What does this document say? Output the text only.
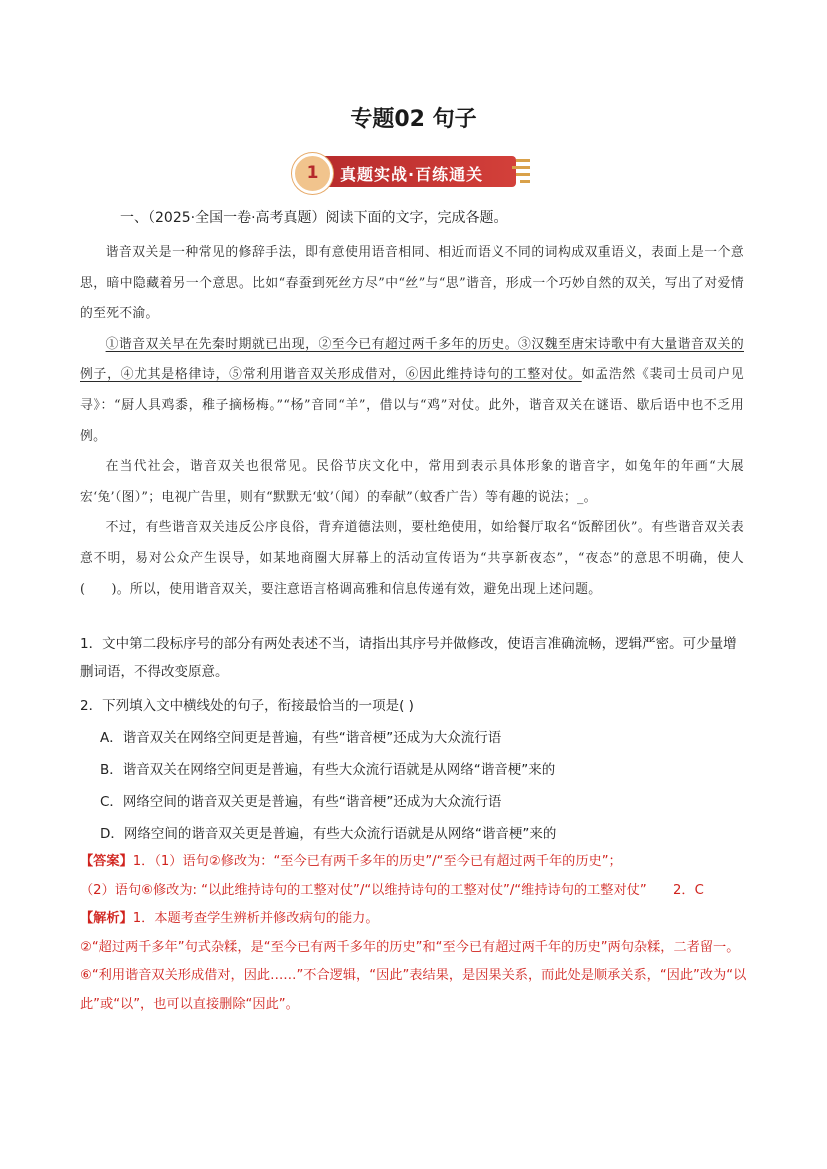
专题02 句子
1	真题实战·百练通关
一、（2025·全国一卷·高考真题）阅读下面的文字，完成各题。

谐音双关是一种常见的修辞手法，即有意使用语音相同、相近而语义不同的词构成双重语义，表面上是一个意思，暗中隐藏着另一个意思。比如“春蚕到死丝方尽”中“丝”与“思”谐音，形成一个巧妙自然的双关，写出了对爱情的至死不渝。

①谐音双关早在先秦时期就已出现，②至今已有超过两千多年的历史。③汉魏至唐宋诗歌中有大量谐音双关的例子，④尤其是格律诗，⑤常利用谐音双关形成借对，⑥因此维持诗句的工整对仗。如孟浩然《裴司士员司户见寻》：“厨人具鸡黍，稚子摘杨梅。”“杨”音同“羊”，借以与“鸡”对仗。此外，谐音双关在谜语、歇后语中也不乏用例。

在当代社会，谐音双关也很常见。民俗节庆文化中，常用到表示具体形象的谐音字，如兔年的年画“大展宏‘兔’（图）”；电视广告里，则有“默默无‘蚊’（闻）的奉献”（蚊香广告）等有趣的说法；_。

不过，有些谐音双关违反公序良俗，背弃道德法则，要杜绝使用，如给餐厅取名“饭醉团伙”。有些谐音双关表意不明，易对公众产生误导，如某地商圈大屏幕上的活动宣传语为“共享新夜态”，“夜态”的意思不明确，使人(　　)。所以，使用谐音双关，要注意语言格调高雅和信息传递有效，避免出现上述问题。

1．文中第二段标序号的部分有两处表述不当，请指出其序号并做修改，使语言准确流畅，逻辑严密。可少量增删词语，不得改变原意。

2．下列填入文中横线处的句子，衔接最恰当的一项是( )

A．谐音双关在网络空间更是普遍，有些“谐音梗”还成为大众流行语

B．谐音双关在网络空间更是普遍，有些大众流行语就是从网络“谐音梗”来的

C．网络空间的谐音双关更是普遍，有些“谐音梗”还成为大众流行语

D．网络空间的谐音双关更是普遍，有些大众流行语就是从网络“谐音梗”来的

【答案】1．（1）语句②修改为：“至今已有两千多年的历史”/“至今已有超过两千年的历史”；

（2）语句⑥修改为: “以此维持诗句的工整对仗”/“以维持诗句的工整对仗”/“维持诗句的工整对仗”　　2．C

【解析】1．本题考查学生辨析并修改病句的能力。

②“超过两千多年”句式杂糅，是“至今已有两千多年的历史”和“至今已有超过两千年的历史”两句杂糅，二者留一。

⑥“利用谐音双关形成借对，因此……”不合逻辑，“因此”表结果，是因果关系，而此处是顺承关系，“因此”改为“以此”或“以”，也可以直接删除“因此”。
